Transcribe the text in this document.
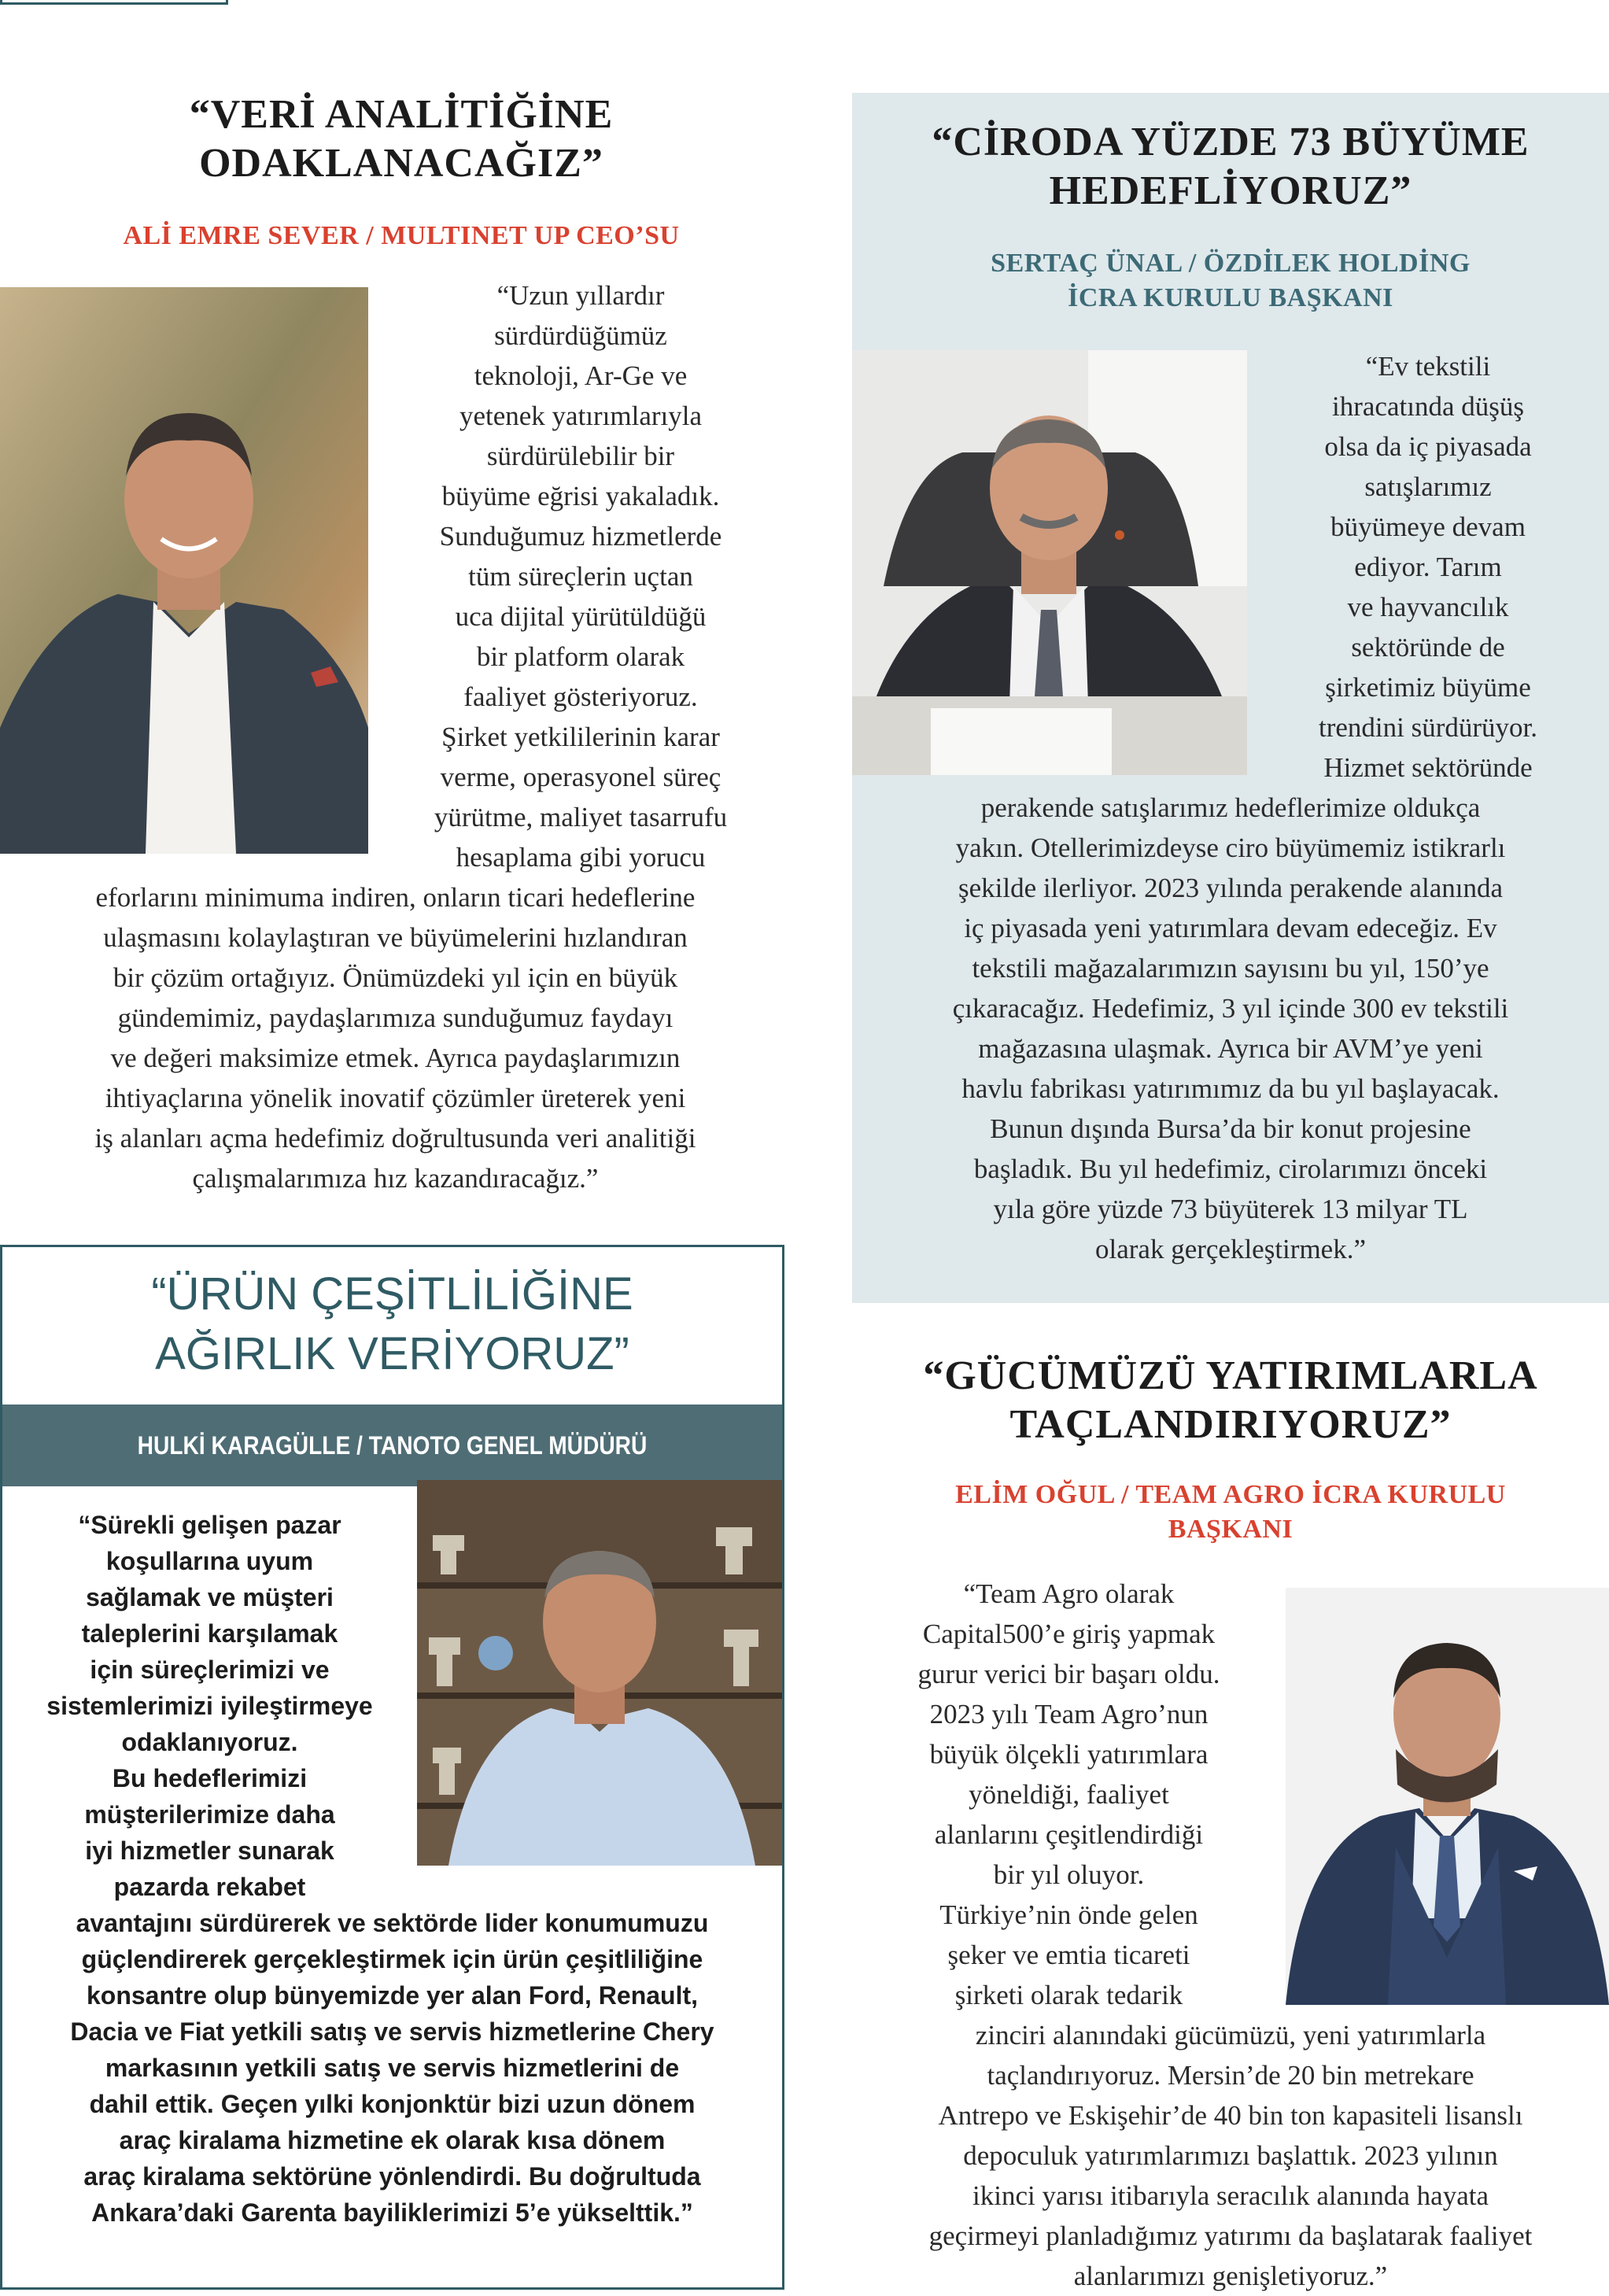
“VERİ ANALİTİĞİNE
ODAKLANACAĞIZ”
ALİ EMRE SEVER / MULTINET UP CEO’SU
“Uzun yıllardır
sürdürdüğümüz
teknoloji, Ar-Ge ve
yetenek yatırımlarıyla
sürdürülebilir bir
büyüme eğrisi yakaladık.
Sunduğumuz hizmetlerde
tüm süreçlerin uçtan
uca dijital yürütüldüğü
bir platform olarak
faaliyet gösteriyoruz.
Şirket yetkililerinin karar
verme, operasyonel süreç
yürütme, maliyet tasarrufu
hesaplama gibi yorucu
eforlarını minimuma indiren, onların ticari hedeflerine
ulaşmasını kolaylaştıran ve büyümelerini hızlandıran
bir çözüm ortağıyız. Önümüzdeki yıl için en büyük
gündemimiz, paydaşlarımıza sunduğumuz faydayı
ve değeri maksimize etmek. Ayrıca paydaşlarımızın
ihtiyaçlarına yönelik inovatif çözümler üreterek yeni
iş alanları açma hedefimiz doğrultusunda veri analitiği
çalışmalarımıza hız kazandıracağız.”
“CİRODA YÜZDE 73 BÜYÜME
HEDEFLİYORUZ”
SERTAÇ ÜNAL / ÖZDİLEK HOLDİNG
İCRA KURULU BAŞKANI
“Ev tekstili
ihracatında düşüş
olsa da iç piyasada
satışlarımız
büyümeye devam
ediyor. Tarım
ve hayvancılık
sektöründe de
şirketimiz büyüme
trendini sürdürüyor.
Hizmet sektöründe
perakende satışlarımız hedeflerimize oldukça
yakın. Otellerimizdeyse ciro büyümemiz istikrarlı
şekilde ilerliyor. 2023 yılında perakende alanında
iç piyasada yeni yatırımlara devam edeceğiz. Ev
tekstili mağazalarımızın sayısını bu yıl, 150’ye
çıkaracağız. Hedefimiz, 3 yıl içinde 300 ev tekstili
mağazasına ulaşmak. Ayrıca bir AVM’ye yeni
havlu fabrikası yatırımımız da bu yıl başlayacak.
Bunun dışında Bursa’da bir konut projesine
başladık. Bu yıl hedefimiz, cirolarımızı önceki
yıla göre yüzde 73 büyüterek 13 milyar TL
olarak gerçekleştirmek.”
“ÜRÜN ÇEŞİTLİLİĞİNE
AĞIRLIK VERİYORUZ”
HULKİ KARAGÜLLE / TANOTO GENEL MÜDÜRÜ
“Sürekli gelişen pazar
koşullarına uyum
sağlamak ve müşteri
taleplerini karşılamak
için süreçlerimizi ve
sistemlerimizi iyileştirmeye
odaklanıyoruz.
Bu hedeflerimizi
müşterilerimize daha
iyi hizmetler sunarak
pazarda rekabet
avantajını sürdürerek ve sektörde lider konumumuzu
güçlendirerek gerçekleştirmek için ürün çeşitliliğine
konsantre olup bünyemizde yer alan Ford, Renault,
Dacia ve Fiat yetkili satış ve servis hizmetlerine Chery
markasının yetkili satış ve servis hizmetlerini de
dahil ettik. Geçen yılki konjonktür bizi uzun dönem
araç kiralama hizmetine ek olarak kısa dönem
araç kiralama sektörüne yönlendirdi. Bu doğrultuda
Ankara’daki Garenta bayiliklerimizi 5’e yükselttik.”
“GÜCÜMÜZÜ YATIRIMLARLA
TAÇLANDIRIYORUZ”
ELİM OĞUL / TEAM AGRO İCRA KURULU
BAŞKANI
“Team Agro olarak
Capital500’e giriş yapmak
gurur verici bir başarı oldu.
2023 yılı Team Agro’nun
büyük ölçekli yatırımlara
yöneldiği, faaliyet
alanlarını çeşitlendirdiği
bir yıl oluyor.
Türkiye’nin önde gelen
şeker ve emtia ticareti
şirketi olarak tedarik
zinciri alanındaki gücümüzü, yeni yatırımlarla
taçlandırıyoruz. Mersin’de 20 bin metrekare
Antrepo ve Eskişehir’de 40 bin ton kapasiteli lisanslı
depoculuk yatırımlarımızı başlattık. 2023 yılının
ikinci yarısı itibarıyla seracılık alanında hayata
geçirmeyi planladığımız yatırımı da başlatarak faaliyet
alanlarımızı genişletiyoruz.”
